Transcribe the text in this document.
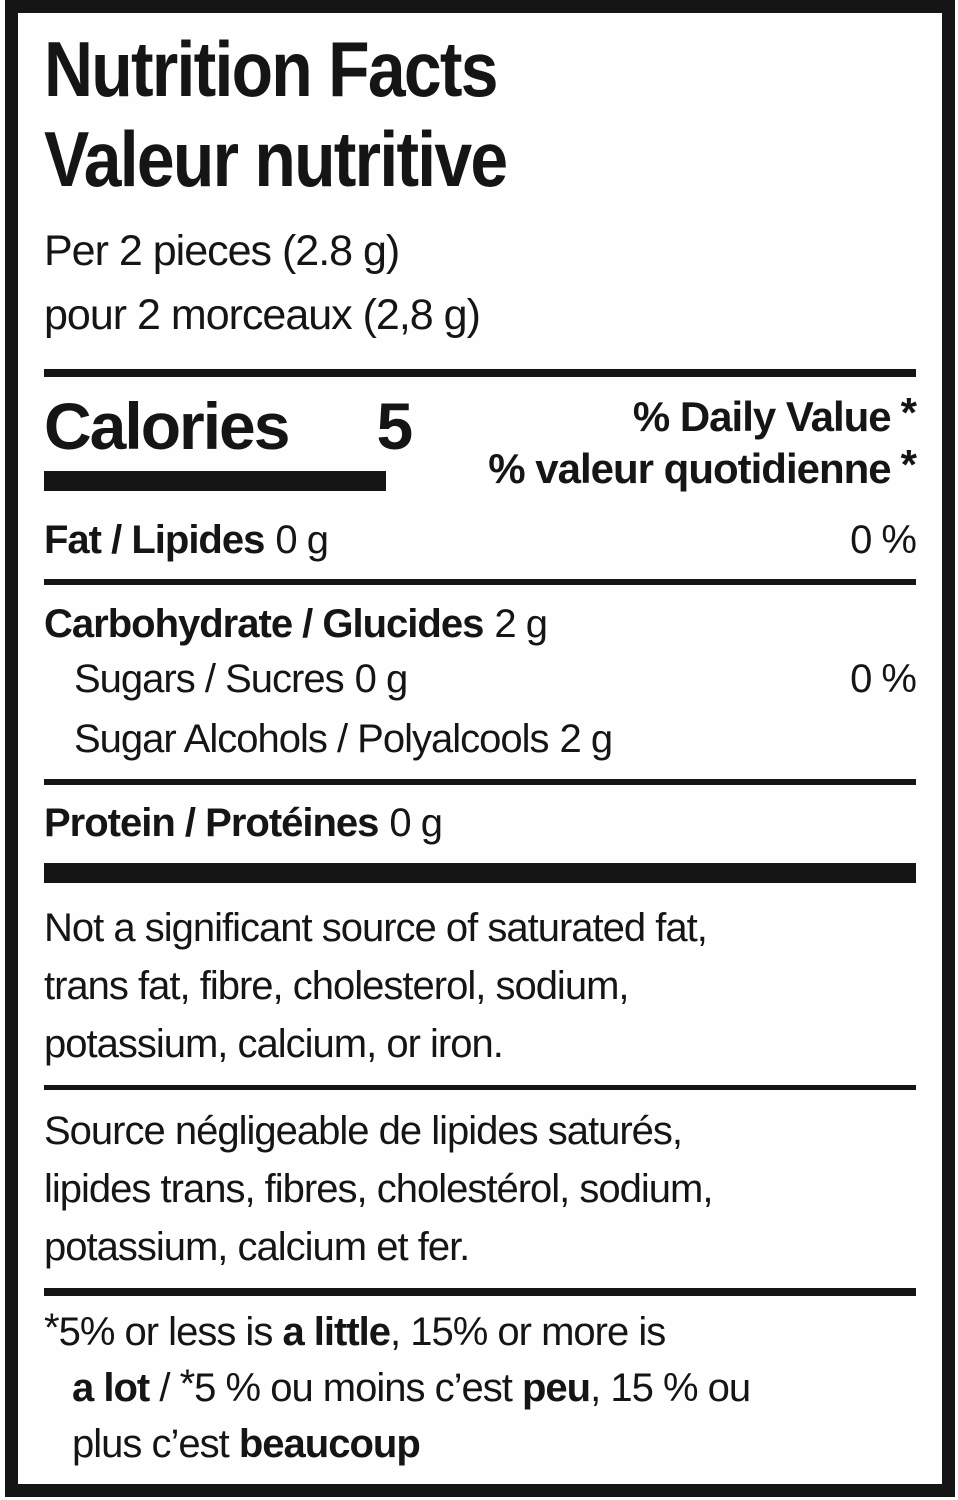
Nutrition Facts
Valeur nutritive
Per 2 pieces (2.8 g)
pour 2 morceaux (2,8 g)
Calories 5	% Daily Value *
% valeur quotidienne *
Fat / Lipides 0 g	0 %
Carbohydrate / Glucides 2 g
Sugars / Sucres 0 g	0 %
Sugar Alcohols / Polyalcools 2 g
Protein / Protéines 0 g
Not a significant source of saturated fat,
trans fat, fibre, cholesterol, sodium,
potassium, calcium, or iron.
Source négligeable de lipides saturés,
lipides trans, fibres, cholestérol, sodium,
potassium, calcium et fer.
*5% or less is a little, 15% or more is
a lot / *5 % ou moins c’est peu, 15 % ou
plus c’est beaucoup
